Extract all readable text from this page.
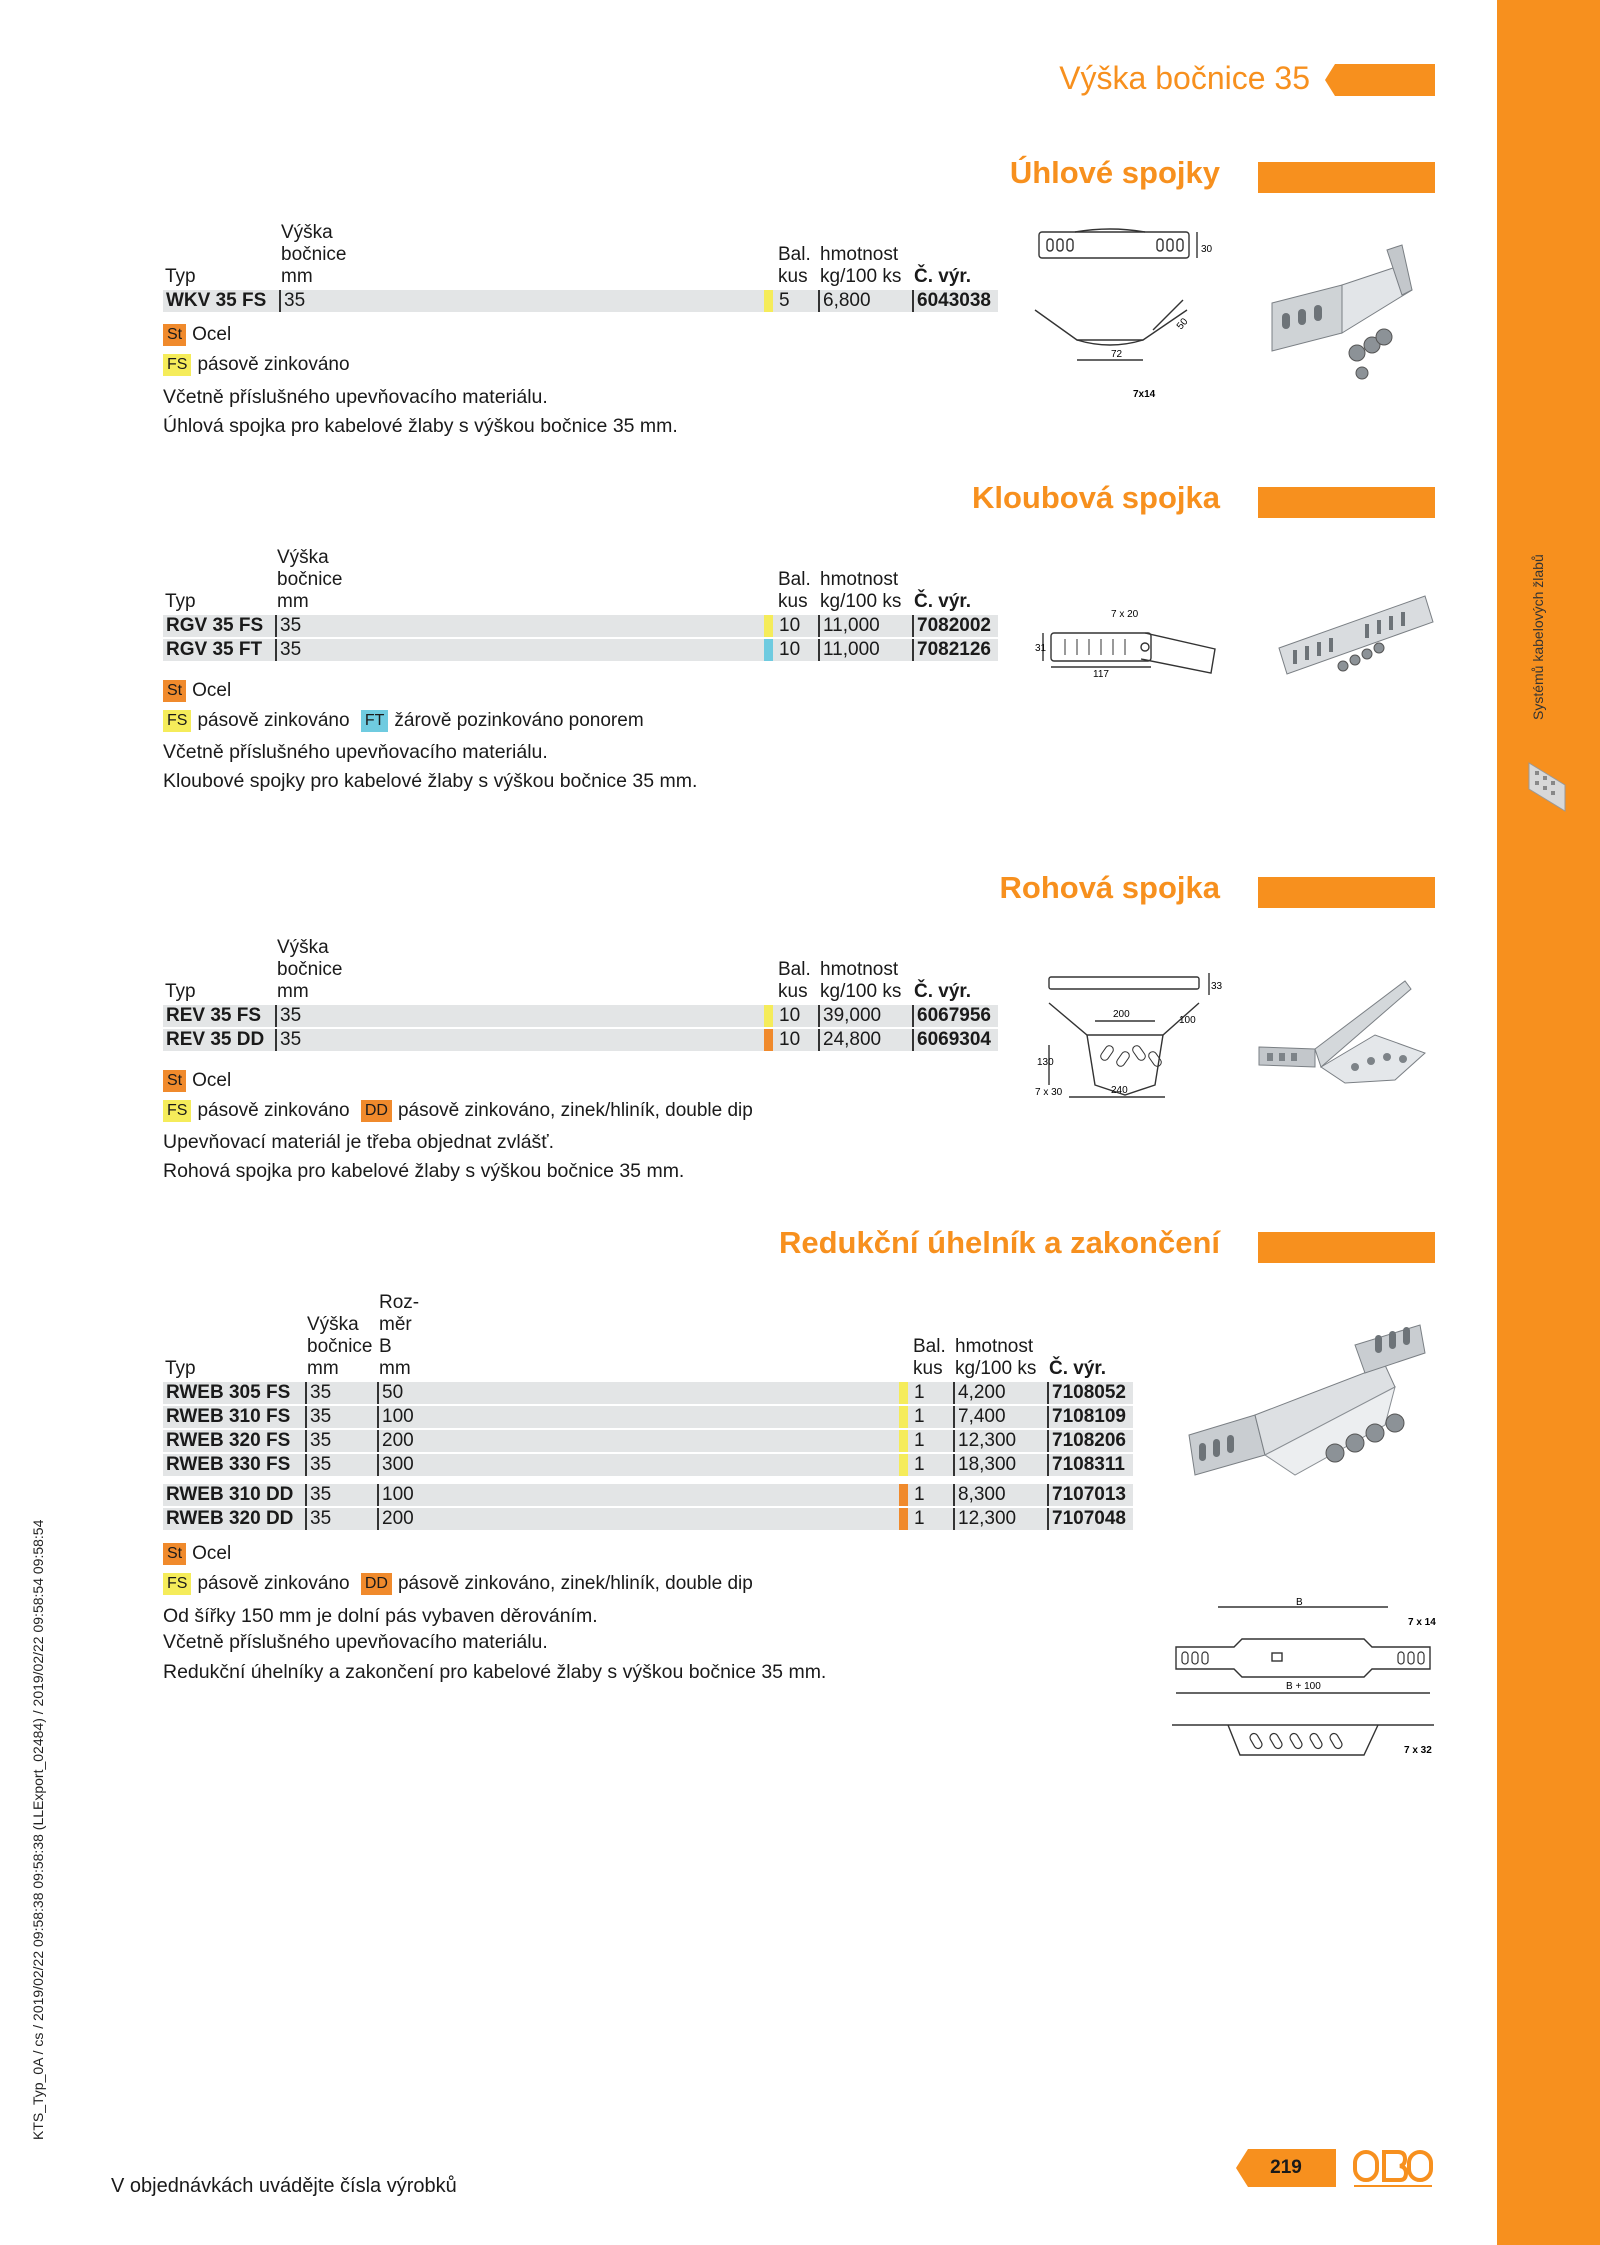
Systémů kabelových žlabů
Výška bočnice 35
Úhlové spojky
Typ	Výška
bočnice
mm		Bal.
kus	hmotnost
kg/100 ks	Č. výr.
WKV 35 FS	35		5	6,800	6043038
St Ocel
FS pásově zinkováno
Včetně příslušného upevňovacího materiálu.
Úhlová spojka pro kabelové žlaby s výškou bočnice 35 mm.
30
50
72
7x14
Kloubová spojka
Typ	Výška
bočnice
mm		Bal.
kus	hmotnost
kg/100 ks	Č. výr.
RGV 35 FS	35		10	11,000	7082002
RGV 35 FT	35		10	11,000	7082126
St Ocel
FS pásově zinkováno FT žárově pozinkováno ponorem
Včetně příslušného upevňovacího materiálu.
Kloubové spojky pro kabelové žlaby s výškou bočnice 35 mm.
7 x 20
31
117
Rohová spojka
Typ	Výška
bočnice
mm		Bal.
kus	hmotnost
kg/100 ks	Č. výr.
REV 35 FS	35		10	39,000	6067956
REV 35 DD	35		10	24,800	6069304
St Ocel
FS pásově zinkováno DD pásově zinkováno, zinek/hliník, double dip
Upevňovací materiál je třeba objednat zvlášť.
Rohová spojka pro kabelové žlaby s výškou bočnice 35 mm.
33
200
100
130
7 x 30	240
Redukční úhelník a zakončení
Typ	Výška
bočnice
mm	Roz-
měr
B
mm		Bal.
kus	hmotnost
kg/100 ks	Č. výr.
RWEB 305 FS	35	50		1	4,200	7108052
RWEB 310 FS	35	100		1	7,400	7108109
RWEB 320 FS	35	200		1	12,300	7108206
RWEB 330 FS	35	300		1	18,300	7108311

RWEB 310 DD	35	100		1	8,300	7107013
RWEB 320 DD	35	200		1	12,300	7107048
St Ocel
FS pásově zinkováno DD pásově zinkováno, zinek/hliník, double dip
Od šířky 150 mm je dolní pás vybaven děrováním.
Včetně příslušného upevňovacího materiálu.
Redukční úhelníky a zakončení pro kabelové žlaby s výškou bočnice 35 mm.
B
7 x 14
B + 100
7 x 32
KTS_Typ_0A / cs / 2019/02/22 09:58:38 09:58:38 (LLExport_02484) / 2019/02/22 09:58:54 09:58:54
V objednávkách uvádějte čísla výrobků
219
